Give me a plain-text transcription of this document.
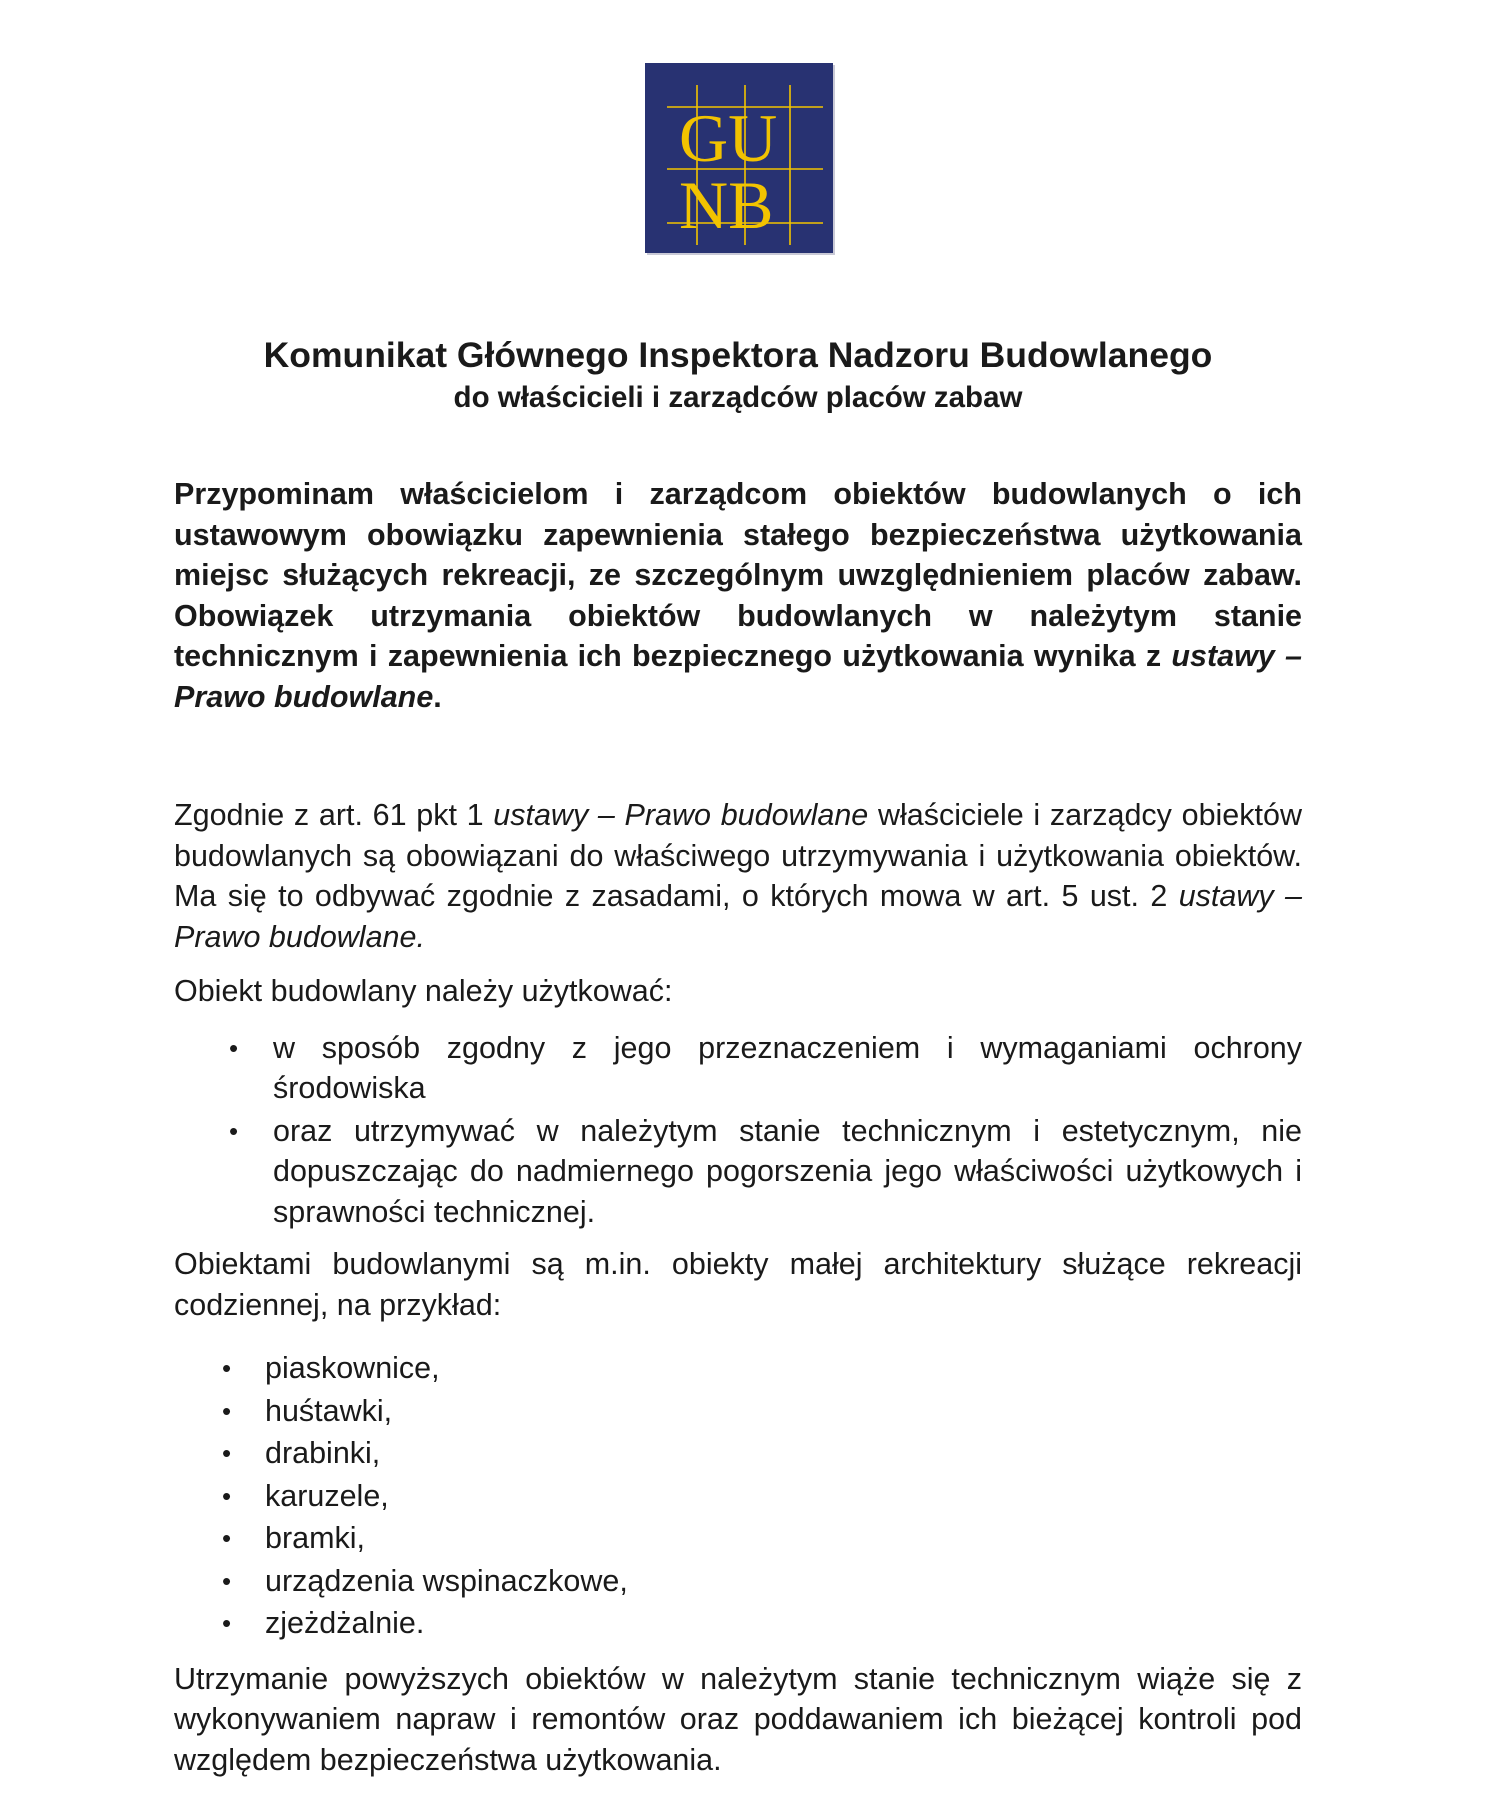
GU
NB
Komunikat Głównego Inspektora Nadzoru Budowlanego
do właścicieli i zarządców placów zabaw

Przypominam właścicielom i zarządcom obiektów budowlanych o ich ustawowym obowiązku zapewnienia stałego bezpieczeństwa użytkowania miejsc służących rekreacji, ze szczególnym uwzględnieniem placów zabaw. Obowiązek utrzymania obiektów budowlanych w należytym stanie technicznym i zapewnienia ich bezpiecznego użytkowania wynika z ustawy – Prawo budowlane.

Zgodnie z art. 61 pkt 1 ustawy – Prawo budowlane właściciele i zarządcy obiektów budowlanych są obowiązani do właściwego utrzymywania i użytkowania obiektów. Ma się to odbywać zgodnie z zasadami, o których mowa w art. 5 ust. 2 ustawy – Prawo budowlane.

Obiekt budowlany należy użytkować:

• w sposób zgodny z jego przeznaczeniem i wymaganiami ochrony środowiska
• oraz utrzymywać w należytym stanie technicznym i estetycznym, nie dopuszczając do nadmiernego pogorszenia jego właściwości użytkowych i sprawności technicznej.

Obiektami budowlanymi są m.in. obiekty małej architektury służące rekreacji codziennej, na przykład:

• piaskownice,
• huśtawki,
• drabinki,
• karuzele,
• bramki,
• urządzenia wspinaczkowe,
• zjeżdżalnie.

Utrzymanie powyższych obiektów w należytym stanie technicznym wiąże się z wykonywaniem napraw i remontów oraz poddawaniem ich bieżącej kontroli pod względem bezpieczeństwa użytkowania.
